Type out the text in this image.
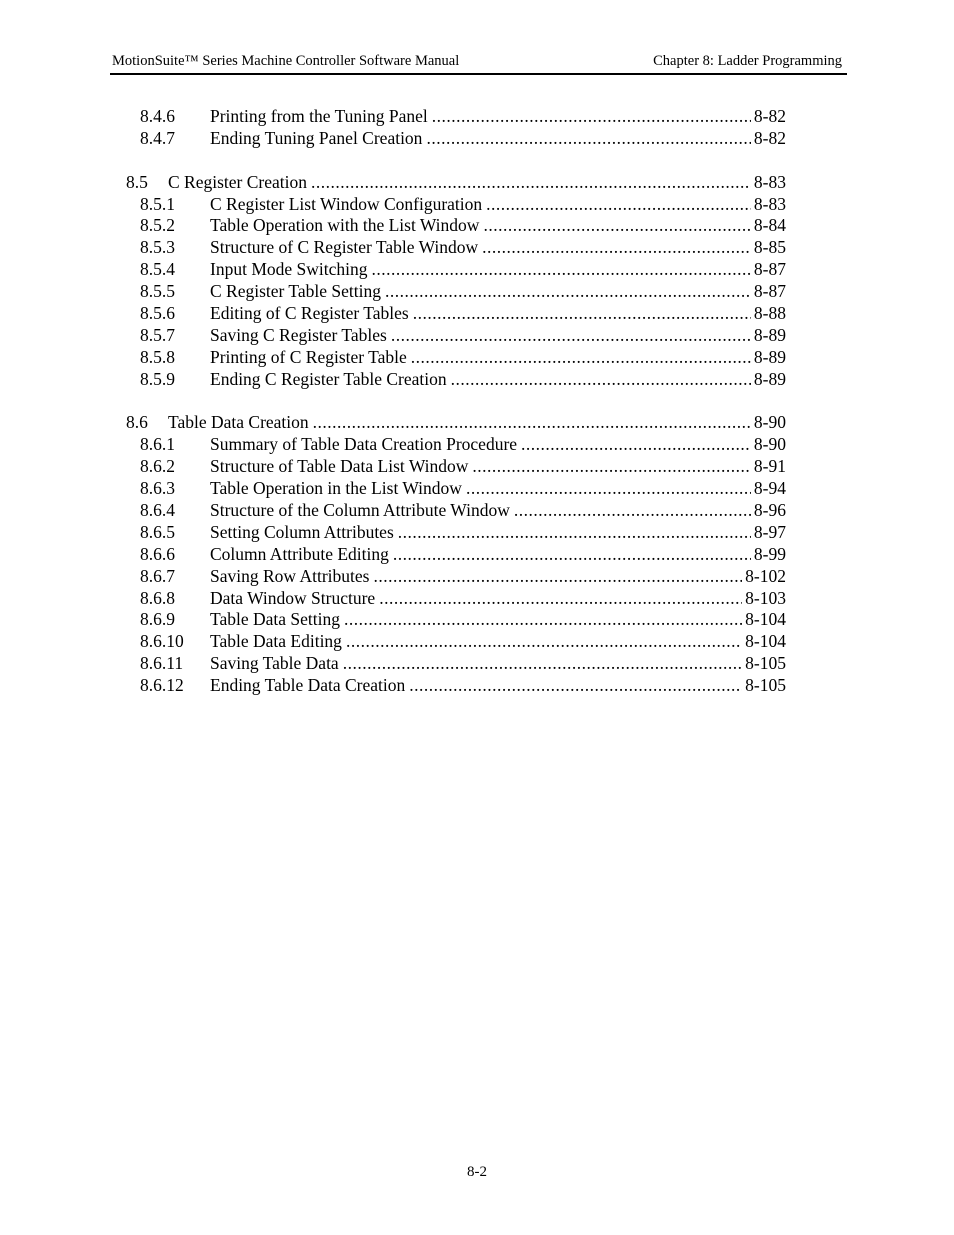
MotionSuite™ Series Machine Controller Software Manual	Chapter 8: Ladder Programming
8.4.6 Printing from the Tuning Panel .....	8-82
8.4.7 Ending Tuning Panel Creation .....	8-82
8.5 C Register Creation .....	8-83
8.5.1 C Register List Window Configuration .....	8-83
8.5.2 Table Operation with the List Window .....	8-84
8.5.3 Structure of C Register Table Window .....	8-85
8.5.4 Input Mode Switching .....	8-87
8.5.5 C Register Table Setting .....	8-87
8.5.6 Editing of C Register Tables .....	8-88
8.5.7 Saving C Register Tables .....	8-89
8.5.8 Printing of C Register Table .....	8-89
8.5.9 Ending C Register Table Creation .....	8-89
8.6 Table Data Creation .....	8-90
8.6.1 Summary of Table Data Creation Procedure .....	8-90
8.6.2 Structure of Table Data List Window .....	8-91
8.6.3 Table Operation in the List Window .....	8-94
8.6.4 Structure of the Column Attribute Window .....	8-96
8.6.5 Setting Column Attributes .....	8-97
8.6.6 Column Attribute Editing .....	8-99
8.6.7 Saving Row Attributes .....	8-102
8.6.8 Data Window Structure .....	8-103
8.6.9 Table Data Setting .....	8-104
8.6.10 Table Data Editing .....	8-104
8.6.11 Saving Table Data .....	8-105
8.6.12 Ending Table Data Creation .....	8-105
8-2
